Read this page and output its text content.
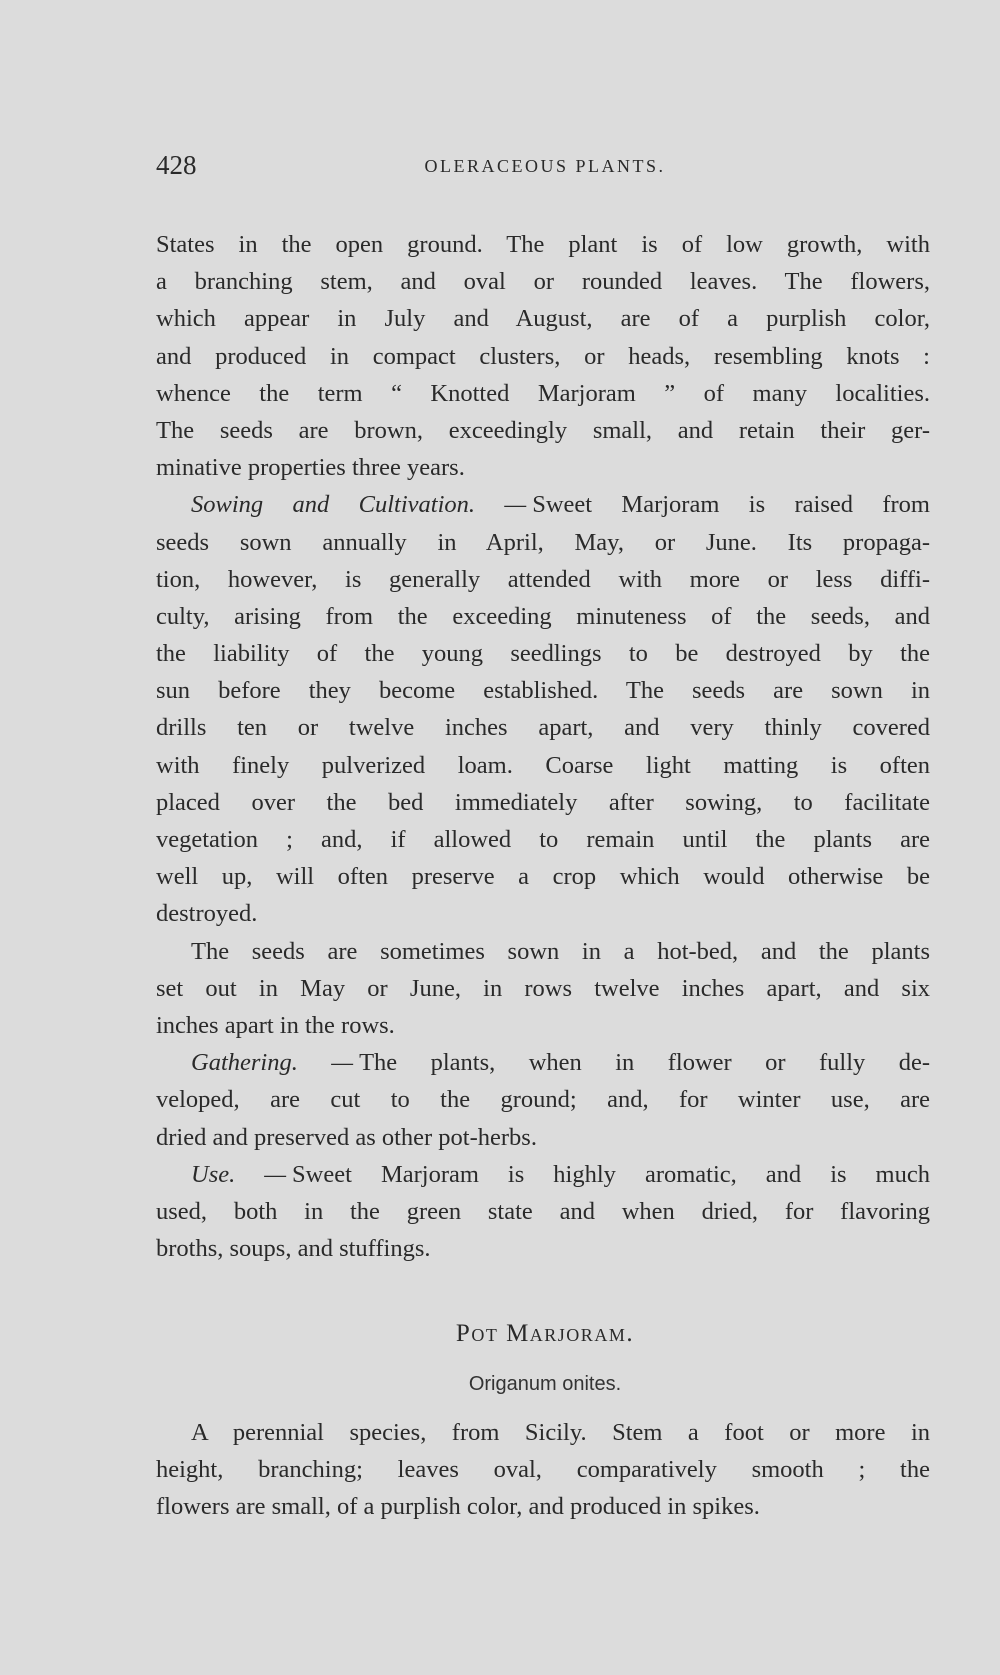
428	OLERACEOUS PLANTS.
States in the open ground. The plant is of low growth, with
a branching stem, and oval or rounded leaves. The flowers,
which appear in July and August, are of a purplish color,
and produced in compact clusters, or heads, resembling knots :
whence the term “ Knotted Marjoram ” of many localities.
The seeds are brown, exceedingly small, and retain their ger-
minative properties three years.
Sowing and Cultivation. — Sweet Marjoram is raised from
seeds sown annually in April, May, or June. Its propaga-
tion, however, is generally attended with more or less diffi-
culty, arising from the exceeding minuteness of the seeds, and
the liability of the young seedlings to be destroyed by the
sun before they become established. The seeds are sown in
drills ten or twelve inches apart, and very thinly covered
with finely pulverized loam. Coarse light matting is often
placed over the bed immediately after sowing, to facilitate
vegetation ; and, if allowed to remain until the plants are
well up, will often preserve a crop which would otherwise be
destroyed.
The seeds are sometimes sown in a hot-bed, and the plants
set out in May or June, in rows twelve inches apart, and six
inches apart in the rows.
Gathering. — The plants, when in flower or fully de-
veloped, are cut to the ground; and, for winter use, are
dried and preserved as other pot-herbs.
Use. — Sweet Marjoram is highly aromatic, and is much
used, both in the green state and when dried, for flavoring
broths, soups, and stuffings.
Pot Marjoram.
Origanum onites.
A perennial species, from Sicily. Stem a foot or more in
height, branching; leaves oval, comparatively smooth ; the
flowers are small, of a purplish color, and produced in spikes.
